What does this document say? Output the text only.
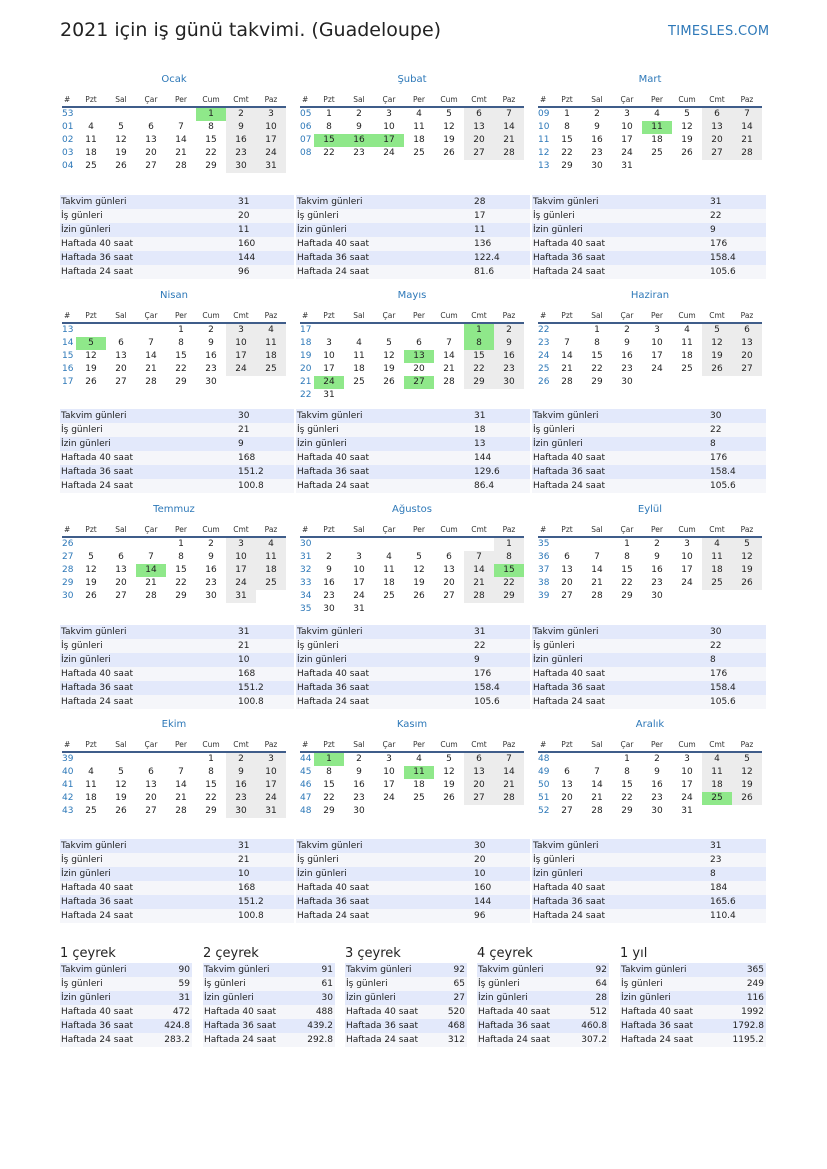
2021 için iş günü takvimi. (Guadeloupe)	TIMESLES.COM
Ocak
#	Pzt	Sal	Çar	Per	Cum	Cmt	Paz
53					1	2	3
01	4	5	6	7	8	9	10
02	11	12	13	14	15	16	17
03	18	19	20	21	22	23	24
04	25	26	27	28	29	30	31
Takvim günleri	31
İş günleri	20
İzin günleri	11
Haftada 40 saat	160
Haftada 36 saat	144
Haftada 24 saat	96
Şubat
#	Pzt	Sal	Çar	Per	Cum	Cmt	Paz
05	1	2	3	4	5	6	7
06	8	9	10	11	12	13	14
07	15	16	17	18	19	20	21
08	22	23	24	25	26	27	28
Takvim günleri	28
İş günleri	17
İzin günleri	11
Haftada 40 saat	136
Haftada 36 saat	122.4
Haftada 24 saat	81.6
Mart
#	Pzt	Sal	Çar	Per	Cum	Cmt	Paz
09	1	2	3	4	5	6	7
10	8	9	10	11	12	13	14
11	15	16	17	18	19	20	21
12	22	23	24	25	26	27	28
13	29	30	31				
Takvim günleri	31
İş günleri	22
İzin günleri	9
Haftada 40 saat	176
Haftada 36 saat	158.4
Haftada 24 saat	105.6
Nisan
#	Pzt	Sal	Çar	Per	Cum	Cmt	Paz
13				1	2	3	4
14	5	6	7	8	9	10	11
15	12	13	14	15	16	17	18
16	19	20	21	22	23	24	25
17	26	27	28	29	30		
Takvim günleri	30
İş günleri	21
İzin günleri	9
Haftada 40 saat	168
Haftada 36 saat	151.2
Haftada 24 saat	100.8
Mayıs
#	Pzt	Sal	Çar	Per	Cum	Cmt	Paz
17						1	2
18	3	4	5	6	7	8	9
19	10	11	12	13	14	15	16
20	17	18	19	20	21	22	23
21	24	25	26	27	28	29	30
22	31						
Takvim günleri	31
İş günleri	18
İzin günleri	13
Haftada 40 saat	144
Haftada 36 saat	129.6
Haftada 24 saat	86.4
Haziran
#	Pzt	Sal	Çar	Per	Cum	Cmt	Paz
22		1	2	3	4	5	6
23	7	8	9	10	11	12	13
24	14	15	16	17	18	19	20
25	21	22	23	24	25	26	27
26	28	29	30				
Takvim günleri	30
İş günleri	22
İzin günleri	8
Haftada 40 saat	176
Haftada 36 saat	158.4
Haftada 24 saat	105.6
Temmuz
#	Pzt	Sal	Çar	Per	Cum	Cmt	Paz
26				1	2	3	4
27	5	6	7	8	9	10	11
28	12	13	14	15	16	17	18
29	19	20	21	22	23	24	25
30	26	27	28	29	30	31	
Takvim günleri	31
İş günleri	21
İzin günleri	10
Haftada 40 saat	168
Haftada 36 saat	151.2
Haftada 24 saat	100.8
Ağustos
#	Pzt	Sal	Çar	Per	Cum	Cmt	Paz
30							1
31	2	3	4	5	6	7	8
32	9	10	11	12	13	14	15
33	16	17	18	19	20	21	22
34	23	24	25	26	27	28	29
35	30	31					
Takvim günleri	31
İş günleri	22
İzin günleri	9
Haftada 40 saat	176
Haftada 36 saat	158.4
Haftada 24 saat	105.6
Eylül
#	Pzt	Sal	Çar	Per	Cum	Cmt	Paz
35			1	2	3	4	5
36	6	7	8	9	10	11	12
37	13	14	15	16	17	18	19
38	20	21	22	23	24	25	26
39	27	28	29	30			
Takvim günleri	30
İş günleri	22
İzin günleri	8
Haftada 40 saat	176
Haftada 36 saat	158.4
Haftada 24 saat	105.6
Ekim
#	Pzt	Sal	Çar	Per	Cum	Cmt	Paz
39					1	2	3
40	4	5	6	7	8	9	10
41	11	12	13	14	15	16	17
42	18	19	20	21	22	23	24
43	25	26	27	28	29	30	31
Takvim günleri	31
İş günleri	21
İzin günleri	10
Haftada 40 saat	168
Haftada 36 saat	151.2
Haftada 24 saat	100.8
Kasım
#	Pzt	Sal	Çar	Per	Cum	Cmt	Paz
44	1	2	3	4	5	6	7
45	8	9	10	11	12	13	14
46	15	16	17	18	19	20	21
47	22	23	24	25	26	27	28
48	29	30					
Takvim günleri	30
İş günleri	20
İzin günleri	10
Haftada 40 saat	160
Haftada 36 saat	144
Haftada 24 saat	96
Aralık
#	Pzt	Sal	Çar	Per	Cum	Cmt	Paz
48			1	2	3	4	5
49	6	7	8	9	10	11	12
50	13	14	15	16	17	18	19
51	20	21	22	23	24	25	26
52	27	28	29	30	31		
Takvim günleri	31
İş günleri	23
İzin günleri	8
Haftada 40 saat	184
Haftada 36 saat	165.6
Haftada 24 saat	110.4
1 çeyrek
Takvim günleri	90
İş günleri	59
İzin günleri	31
Haftada 40 saat	472
Haftada 36 saat	424.8
Haftada 24 saat	283.2
2 çeyrek
Takvim günleri	91
İş günleri	61
İzin günleri	30
Haftada 40 saat	488
Haftada 36 saat	439.2
Haftada 24 saat	292.8
3 çeyrek
Takvim günleri	92
İş günleri	65
İzin günleri	27
Haftada 40 saat	520
Haftada 36 saat	468
Haftada 24 saat	312
4 çeyrek
Takvim günleri	92
İş günleri	64
İzin günleri	28
Haftada 40 saat	512
Haftada 36 saat	460.8
Haftada 24 saat	307.2
1 yıl
Takvim günleri	365
İş günleri	249
İzin günleri	116
Haftada 40 saat	1992
Haftada 36 saat	1792.8
Haftada 24 saat	1195.2
